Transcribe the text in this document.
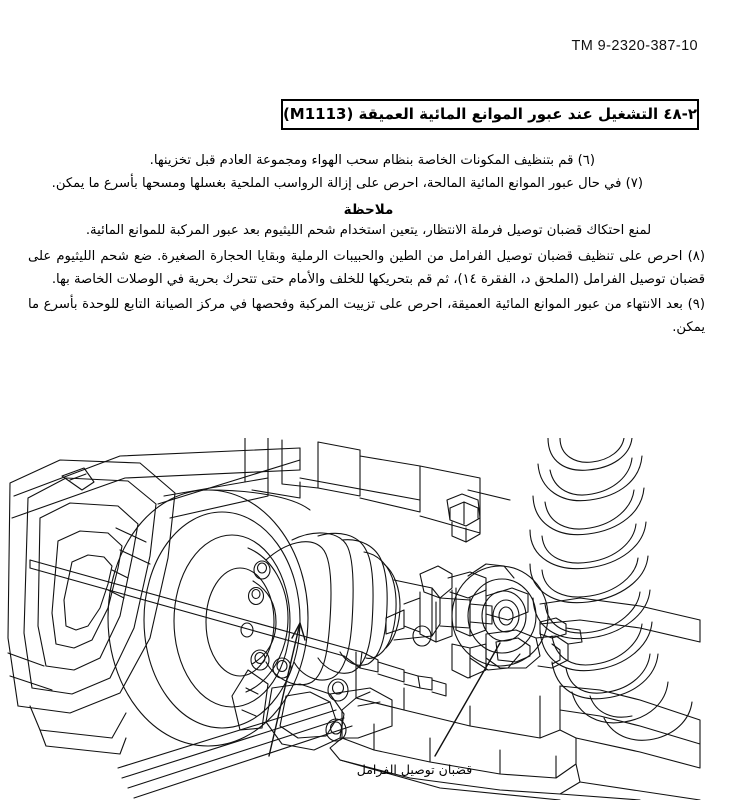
TM 9-2320-387-10
٢-٤٨ التشغيل عند عبور الموانع المائية العميقة (M1113)

(٦) قم بتنظيف المكونات الخاصة بنظام سحب الهواء ومجموعة العادم قبل تخزينها.

(٧) في حال عبور الموانع المائية المالحة، احرص على إزالة الرواسب الملحية بغسلها ومسحها بأسرع ما يمكن.

ملاحظة
لمنع احتكاك قضبان توصيل فرملة الانتظار، يتعين استخدام شحم الليثيوم بعد عبور المركبة للموانع المائية.

(٨) احرص على تنظيف قضبان توصيل الفرامل من الطين والحبيبات الرملية وبقايا الحجارة الصغيرة. ضع شحم الليثيوم على قضبان توصيل الفرامل (الملحق د، الفقرة ١٤)، ثم قم بتحريكها للخلف والأمام حتى تتحرك بحرية في الوصلات الخاصة بها.

(٩) بعد الانتهاء من عبور الموانع المائية العميقة، احرص على تزييت المركبة وفحصها في مركز الصيانة التابع للوحدة بأسرع ما يمكن.

قضبان توصيل الفرامل
